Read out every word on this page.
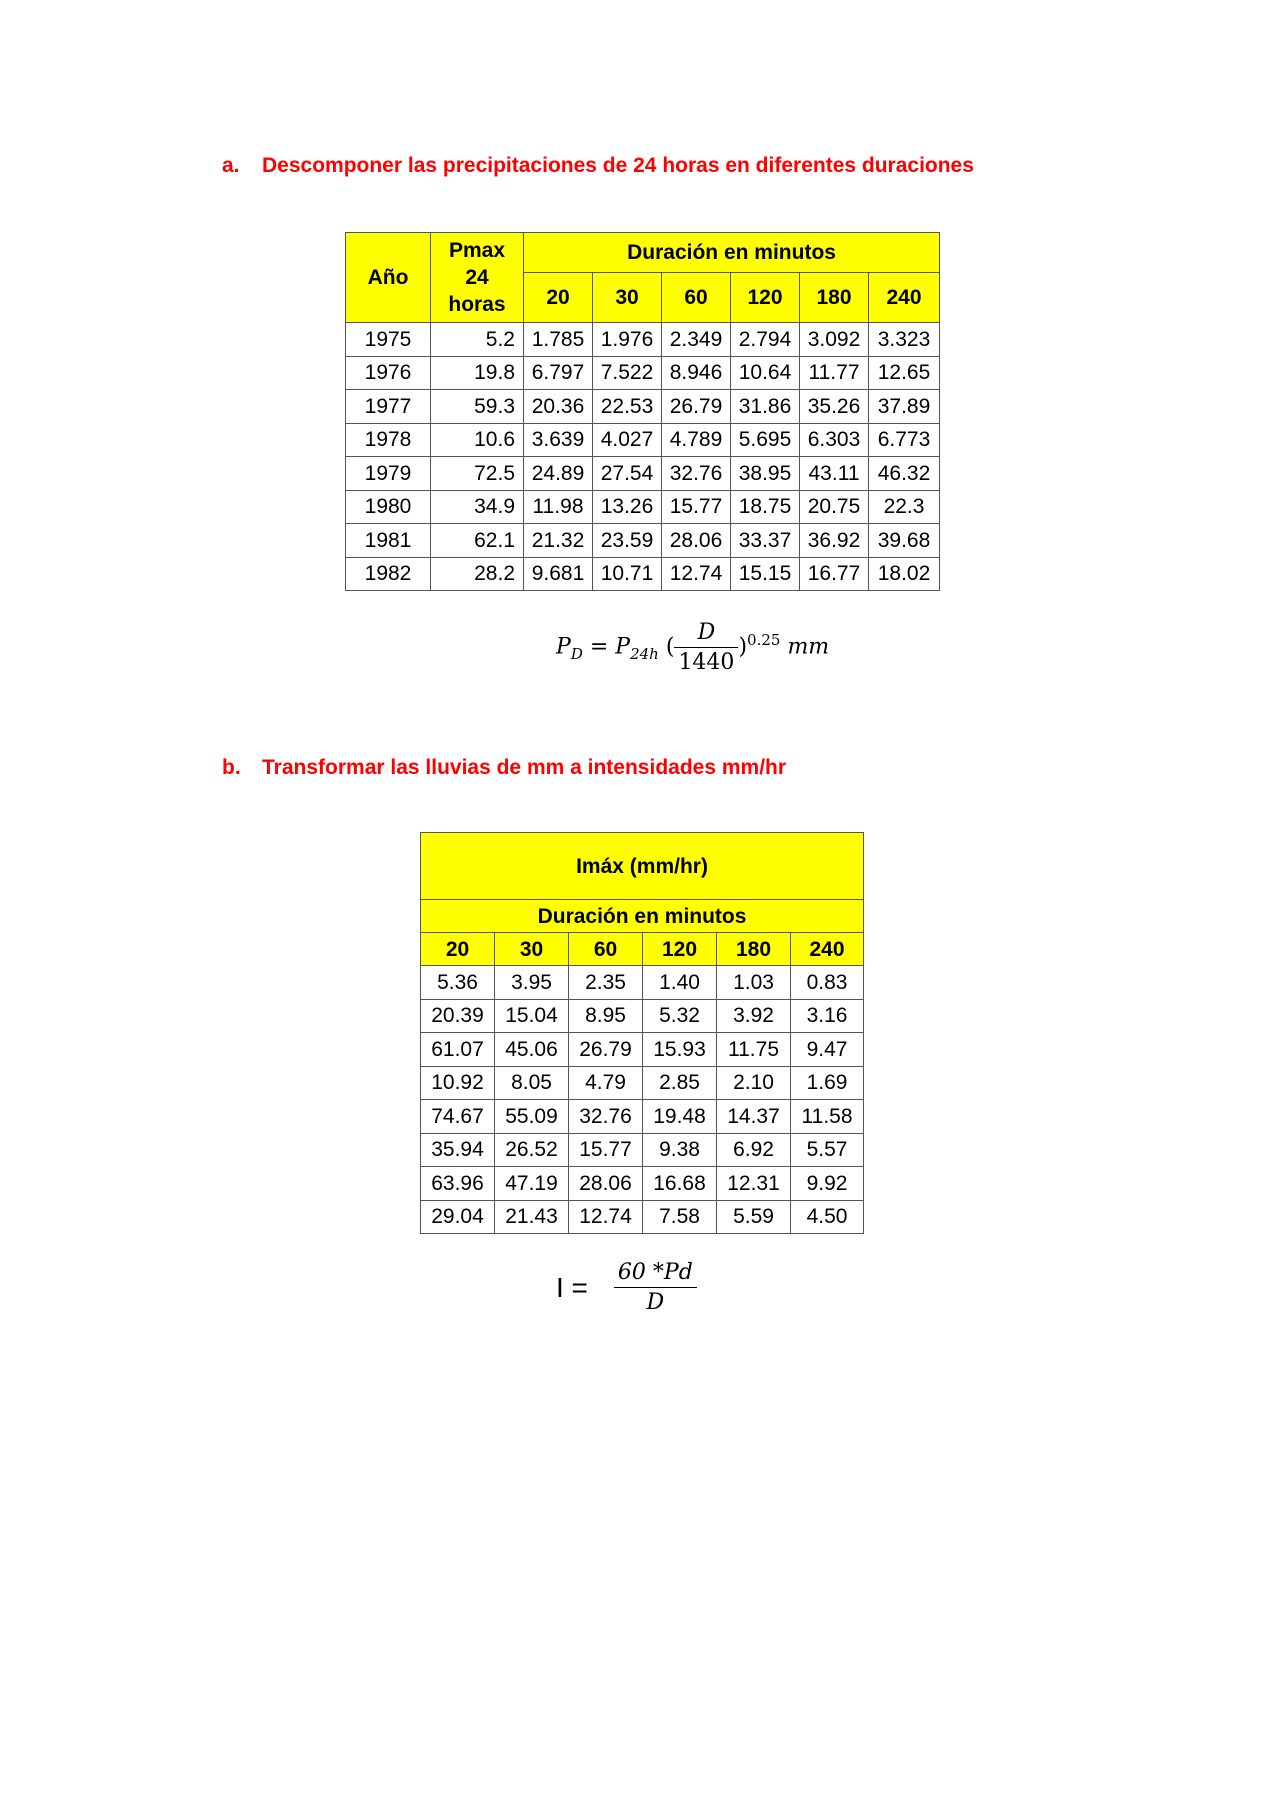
a. Descomponer las precipitaciones de 24 horas en diferentes duraciones
Año	Pmax
24
horas	Duración en minutos					
		20	30	60	120	180	240
1975	5.2	1.785	1.976	2.349	2.794	3.092	3.323
1976	19.8	6.797	7.522	8.946	10.64	11.77	12.65
1977	59.3	20.36	22.53	26.79	31.86	35.26	37.89
1978	10.6	3.639	4.027	4.789	5.695	6.303	6.773
1979	72.5	24.89	27.54	32.76	38.95	43.11	46.32
1980	34.9	11.98	13.26	15.77	18.75	20.75	22.3
1981	62.1	21.32	23.59	28.06	33.37	36.92	39.68
1982	28.2	9.681	10.71	12.74	15.15	16.77	18.02
$P_D = P_{24h}$ ( $\frac{D}{1440} )^{0.25}$ mm
b. Transformar las lluvias de mm a intensidades mm/hr
Imáx (mm/hr)					
Duración en minutos					
20	30	60	120	180	240
5.36	3.95	2.35	1.40	1.03	0.83
20.39	15.04	8.95	5.32	3.92	3.16
61.07	45.06	26.79	15.93	11.75	9.47
10.92	8.05	4.79	2.85	2.10	1.69
74.67	55.09	32.76	19.48	14.37	11.58
35.94	26.52	15.77	9.38	6.92	5.57
63.96	47.19	28.06	16.68	12.31	9.92
29.04	21.43	12.74	7.58	5.59	4.50
$I = \frac{60 *Pd}{D}$
